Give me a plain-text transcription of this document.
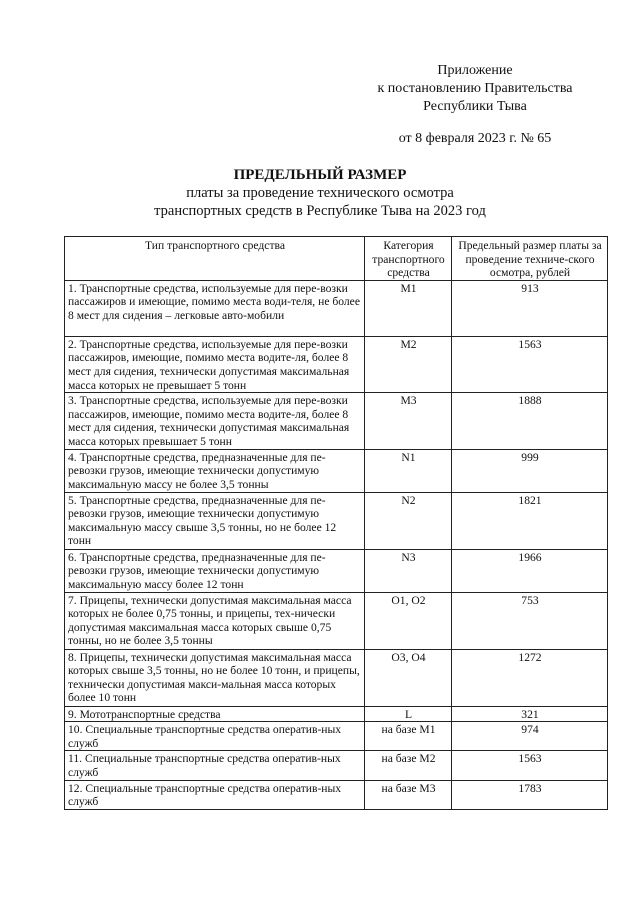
Приложение
к постановлению Правительства
Республики Тыва
от 8 февраля 2023 г. № 65
ПРЕДЕЛЬНЫЙ РАЗМЕР
платы за проведение технического осмотра
транспортных средств в Республике Тыва на 2023 год
Тип транспортного средства	Категория транспортного средства	Предельный размер платы за проведение техниче-ского осмотра, рублей
1. Транспортные средства, используемые для пере-возки пассажиров и имеющие, помимо места води-теля, не более 8 мест для сидения – легковые авто-мобили	M1	913
2. Транспортные средства, используемые для пере-возки пассажиров, имеющие, помимо места водите-ля, более 8 мест для сидения, технически допустимая максимальная масса которых не превышает 5 тонн	M2	1563
3. Транспортные средства, используемые для пере-возки пассажиров, имеющие, помимо места водите-ля, более 8 мест для сидения, технически допустимая максимальная масса которых превышает 5 тонн	M3	1888
4. Транспортные средства, предназначенные для пе-ревозки грузов, имеющие технически допустимую максимальную массу не более 3,5 тонны	N1	999
5. Транспортные средства, предназначенные для пе-ревозки грузов, имеющие технически допустимую максимальную массу свыше 3,5 тонны, но не более 12 тонн	N2	1821
6. Транспортные средства, предназначенные для пе-ревозки грузов, имеющие технически допустимую максимальную массу более 12 тонн	N3	1966
7. Прицепы, технически допустимая максимальная масса которых не более 0,75 тонны, и прицепы, тех-нически допустимая максимальная масса которых свыше 0,75 тонны, но не более 3,5 тонны	O1, O2	753
8. Прицепы, технически допустимая максимальная масса которых свыше 3,5 тонны, но не более 10 тонн, и прицепы, технически допустимая макси-мальная масса которых более 10 тонн	O3, O4	1272
9. Мототранспортные средства	L	321
10. Специальные транспортные средства оператив-ных служб	на базе M1	974
11. Специальные транспортные средства оператив-ных служб	на базе M2	1563
12. Специальные транспортные средства оператив-ных служб	на базе M3	1783
